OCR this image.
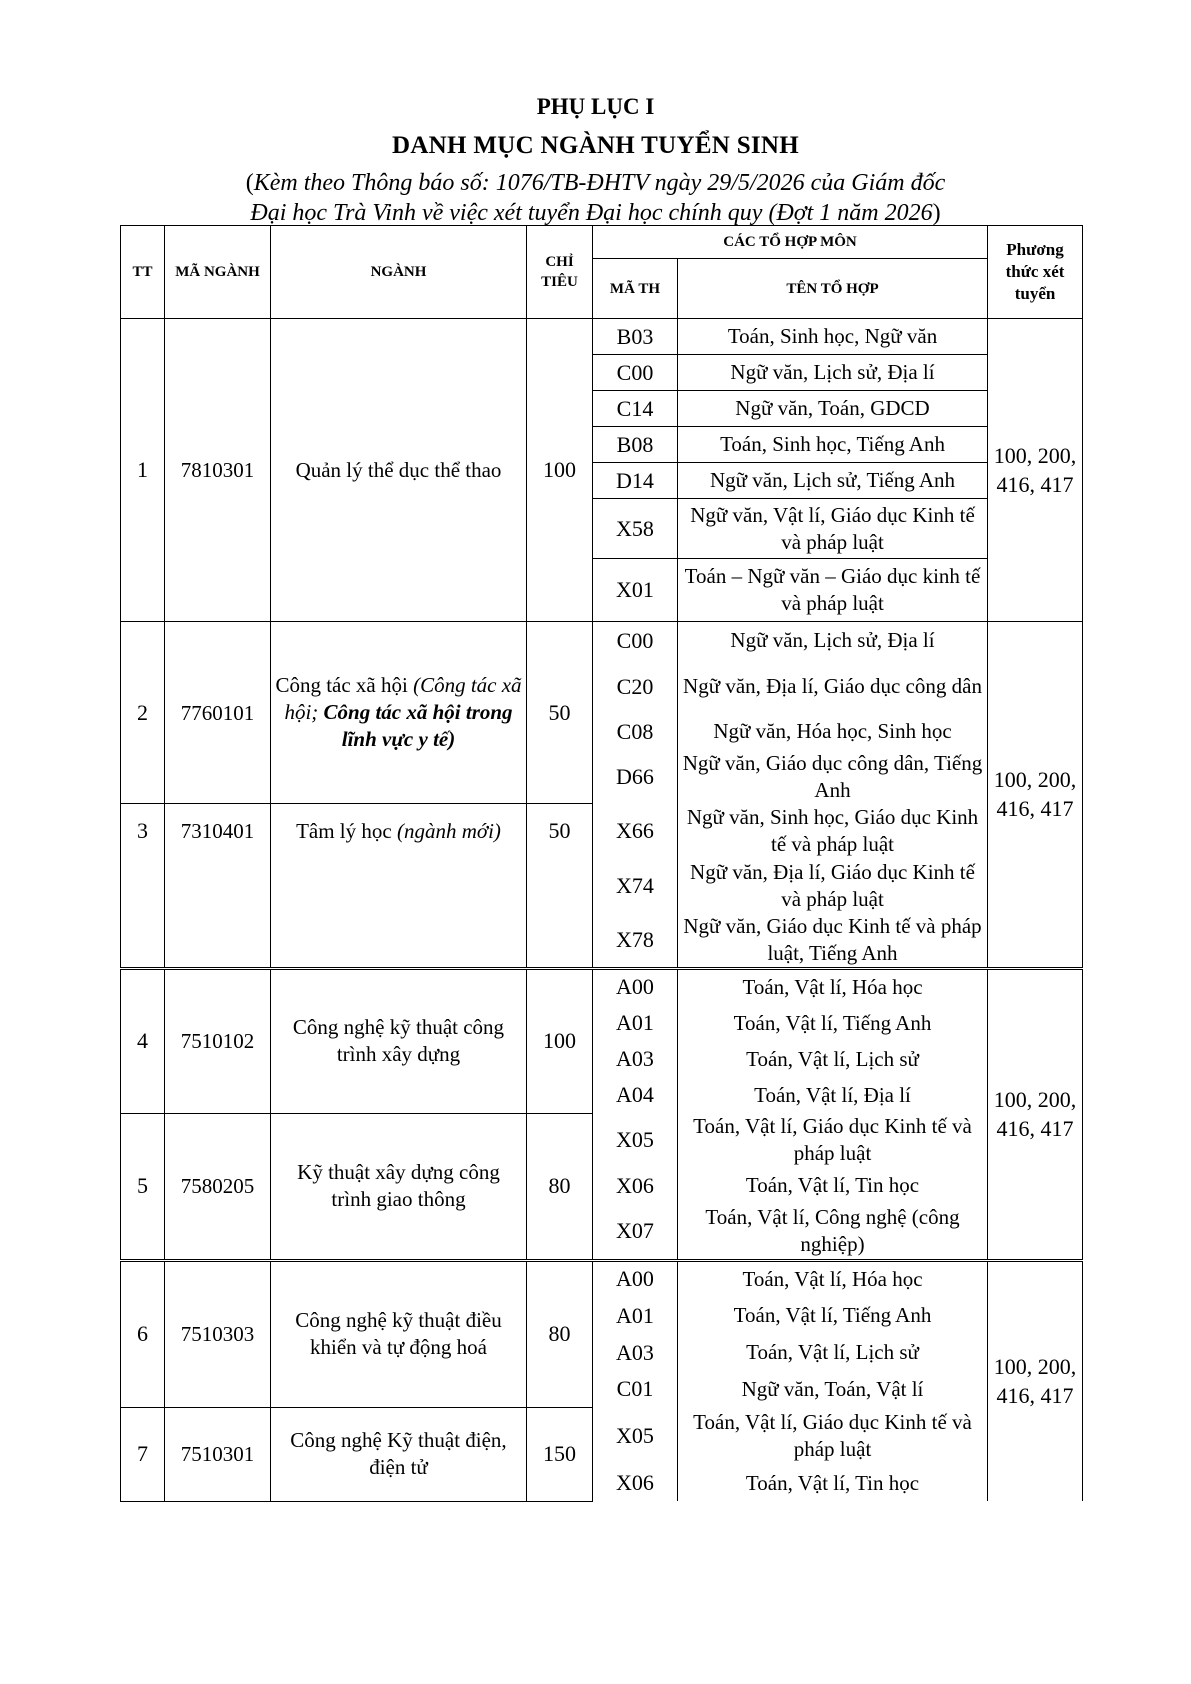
PHỤ LỤC I
DANH MỤC NGÀNH TUYỂN SINH
(Kèm theo Thông báo số: 1076/TB-ĐHTV ngày 29/5/2026 của Giám đốc
Đại học Trà Vinh về việc xét tuyển Đại học chính quy (Đợt 1 năm 2026)
TT	MÃ NGÀNH	NGÀNH	CHỈ TIÊU	CÁC TỔ HỢP MÔN		Phương thức xét tuyển
				MÃ TH	TÊN TỔ HỢP	
1	7810301	Quản lý thể dục thể thao	100	B03	Toán, Sinh học, Ngữ văn	100, 200, 416, 417
				C00	Ngữ văn, Lịch sử, Địa lí	
				C14	Ngữ văn, Toán, GDCD	
				B08	Toán, Sinh học, Tiếng Anh	
				D14	Ngữ văn, Lịch sử, Tiếng Anh	
				X58	Ngữ văn, Vật lí, Giáo dục Kinh tế và pháp luật	
				X01	Toán – Ngữ văn – Giáo dục kinh tế và pháp luật	
2	7760101	Công tác xã hội (Công tác xã hội; Công tác xã hội trong lĩnh vực y tế)	50	C00	Ngữ văn, Lịch sử, Địa lí	100, 200, 416, 417
				C20	Ngữ văn, Địa lí, Giáo dục công dân	
				C08	Ngữ văn, Hóa học, Sinh học	
				D66	Ngữ văn, Giáo dục công dân, Tiếng Anh	
3	7310401	Tâm lý học (ngành mới)	50	X66	Ngữ văn, Sinh học, Giáo dục Kinh tế và pháp luật	
				X74	Ngữ văn, Địa lí, Giáo dục Kinh tế và pháp luật	
				X78	Ngữ văn, Giáo dục Kinh tế và pháp luật, Tiếng Anh	
4	7510102	Công nghệ kỹ thuật công trình xây dựng	100	A00	Toán, Vật lí, Hóa học	100, 200, 416, 417
				A01	Toán, Vật lí, Tiếng Anh	
				A03	Toán, Vật lí, Lịch sử	
				A04	Toán, Vật lí, Địa lí	
5	7580205	Kỹ thuật xây dựng công trình giao thông	80	X05	Toán, Vật lí, Giáo dục Kinh tế và pháp luật	
				X06	Toán, Vật lí, Tin học	
				X07	Toán, Vật lí, Công nghệ (công nghiệp)	
6	7510303	Công nghệ kỹ thuật điều khiển và tự động hoá	80	A00	Toán, Vật lí, Hóa học	100, 200, 416, 417
				A01	Toán, Vật lí, Tiếng Anh	
				A03	Toán, Vật lí, Lịch sử	
				C01	Ngữ văn, Toán, Vật lí	
7	7510301	Công nghệ Kỹ thuật điện, điện tử	150	X05	Toán, Vật lí, Giáo dục Kinh tế và pháp luật	
				X06	Toán, Vật lí, Tin học	
